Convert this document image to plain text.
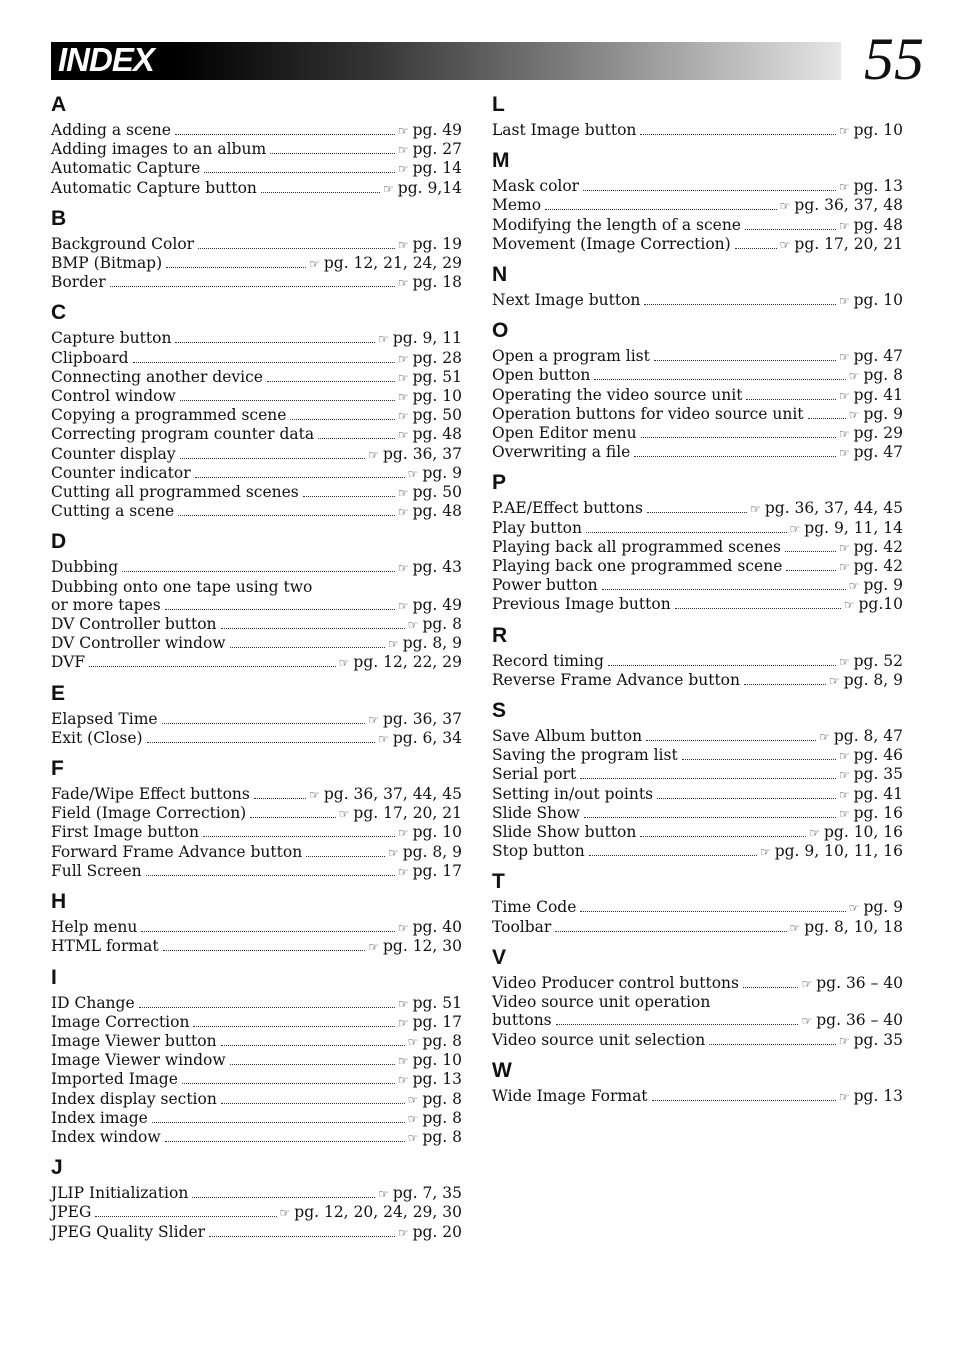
INDEX	55
A
Adding a scene	☞ pg. 49
Adding images to an album	☞ pg. 27
Automatic Capture	☞ pg. 14
Automatic Capture button	☞ pg. 9,14
B
Background Color	☞ pg. 19
BMP (Bitmap)	☞ pg. 12, 21, 24, 29
Border	☞ pg. 18
C
Capture button	☞ pg. 9, 11
Clipboard	☞ pg. 28
Connecting another device	☞ pg. 51
Control window	☞ pg. 10
Copying a programmed scene	☞ pg. 50
Correcting program counter data	☞ pg. 48
Counter display	☞ pg. 36, 37
Counter indicator	☞ pg. 9
Cutting all programmed scenes	☞ pg. 50
Cutting a scene	☞ pg. 48
D
Dubbing	☞ pg. 43
Dubbing onto one tape using two
or more tapes	☞ pg. 49
DV Controller button	☞ pg. 8
DV Controller window	☞ pg. 8, 9
DVF	☞ pg. 12, 22, 29
E
Elapsed Time	☞ pg. 36, 37
Exit (Close)	☞ pg. 6, 34
F
Fade/Wipe Effect buttons	☞ pg. 36, 37, 44, 45
Field (Image Correction)	☞ pg. 17, 20, 21
First Image button	☞ pg. 10
Forward Frame Advance button	☞ pg. 8, 9
Full Screen	☞ pg. 17
H
Help menu	☞ pg. 40
HTML format	☞ pg. 12, 30
I
ID Change	☞ pg. 51
Image Correction	☞ pg. 17
Image Viewer button	☞ pg. 8
Image Viewer window	☞ pg. 10
Imported Image	☞ pg. 13
Index display section	☞ pg. 8
Index image	☞ pg. 8
Index window	☞ pg. 8
J
JLIP Initialization	☞ pg. 7, 35
JPEG	☞ pg. 12, 20, 24, 29, 30
JPEG Quality Slider	☞ pg. 20
L
Last Image button	☞ pg. 10
M
Mask color	☞ pg. 13
Memo	☞ pg. 36, 37, 48
Modifying the length of a scene	☞ pg. 48
Movement (Image Correction)	☞ pg. 17, 20, 21
N
Next Image button	☞ pg. 10
O
Open a program list	☞ pg. 47
Open button	☞ pg. 8
Operating the video source unit	☞ pg. 41
Operation buttons for video source unit	☞ pg. 9
Open Editor menu	☞ pg. 29
Overwriting a file	☞ pg. 47
P
P.AE/Effect buttons	☞ pg. 36, 37, 44, 45
Play button	☞ pg. 9, 11, 14
Playing back all programmed scenes	☞ pg. 42
Playing back one programmed scene	☞ pg. 42
Power button	☞ pg. 9
Previous Image button	☞ pg.10
R
Record timing	☞ pg. 52
Reverse Frame Advance button	☞ pg. 8, 9
S
Save Album button	☞ pg. 8, 47
Saving the program list	☞ pg. 46
Serial port	☞ pg. 35
Setting in/out points	☞ pg. 41
Slide Show	☞ pg. 16
Slide Show button	☞ pg. 10, 16
Stop button	☞ pg. 9, 10, 11, 16
T
Time Code	☞ pg. 9
Toolbar	☞ pg. 8, 10, 18
V
Video Producer control buttons	☞ pg. 36 – 40
Video source unit operation
buttons	☞ pg. 36 – 40
Video source unit selection	☞ pg. 35
W
Wide Image Format	☞ pg. 13
